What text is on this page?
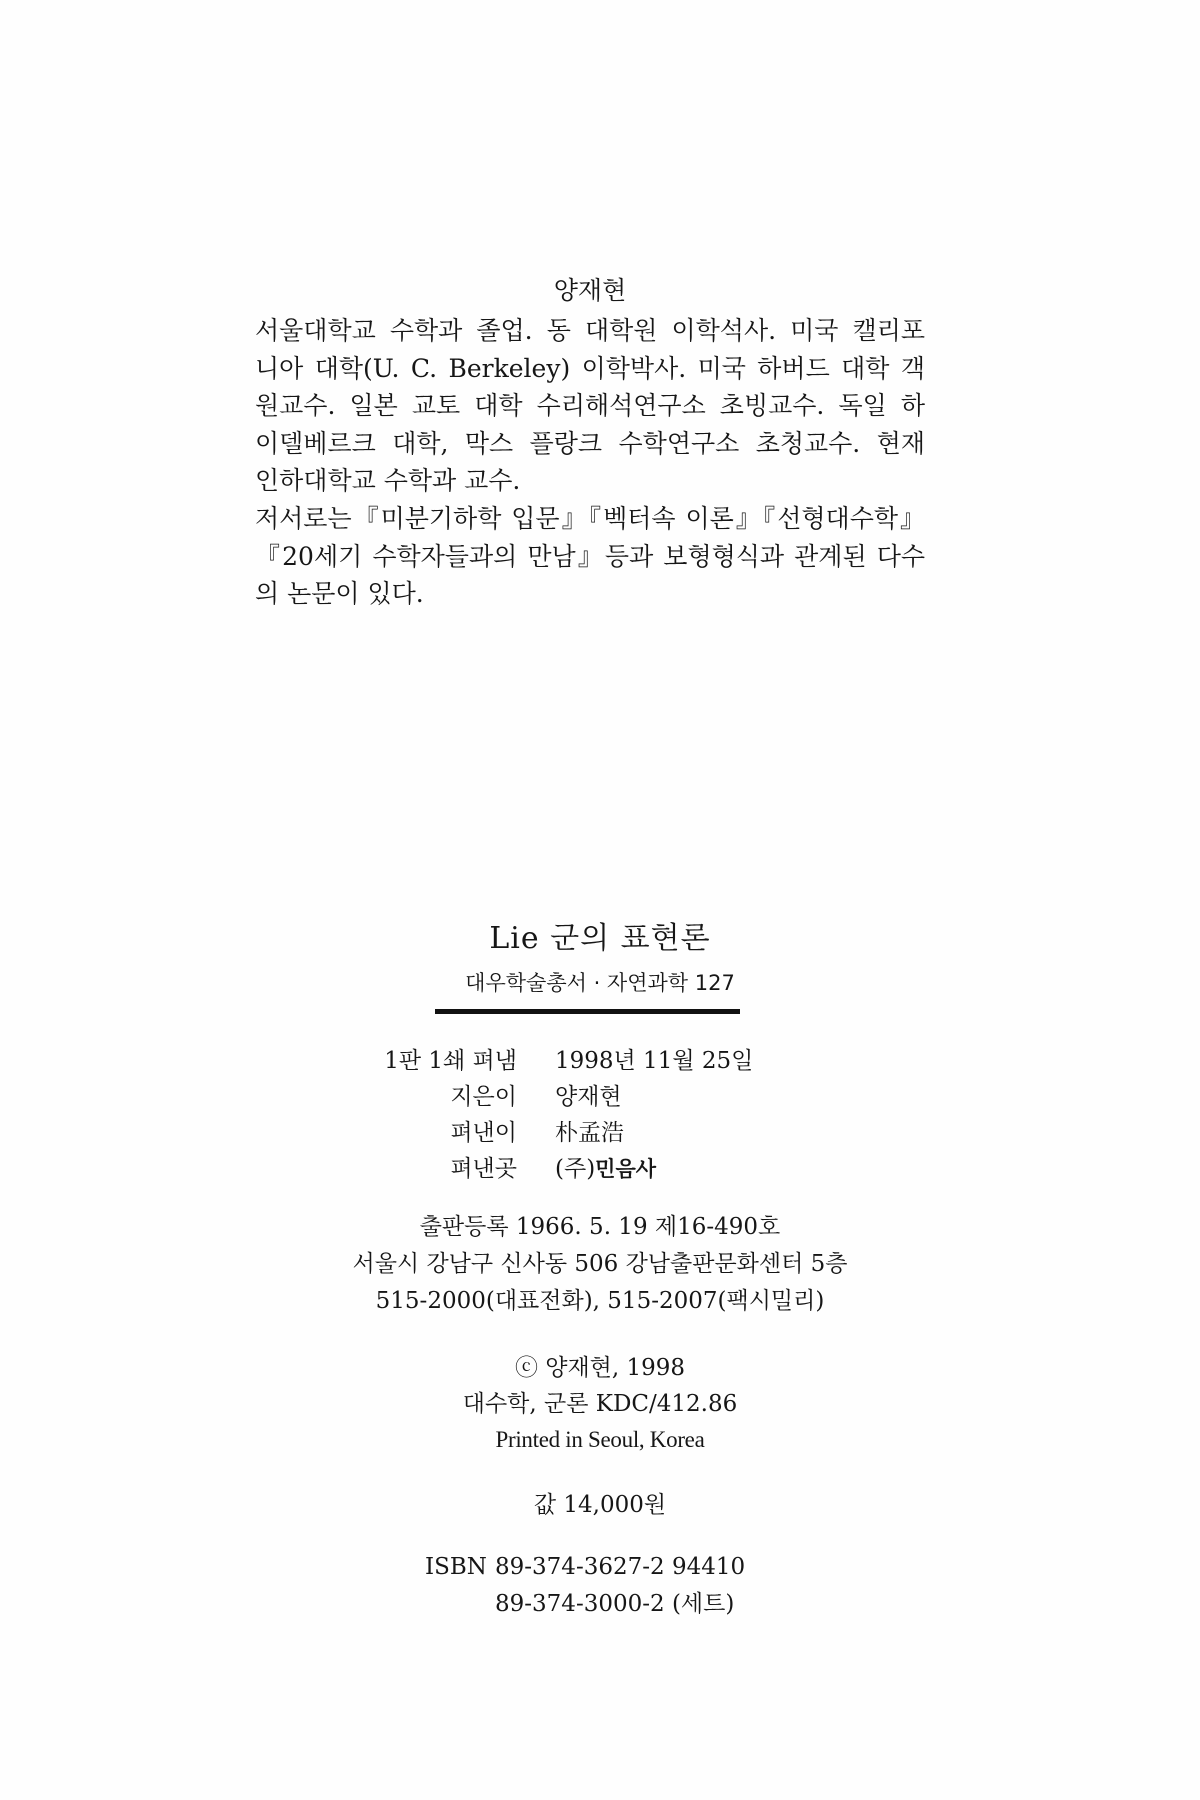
양재현
서울대학교 수학과 졸업. 동 대학원 이학석사. 미국 캘리포
니아 대학(U. C. Berkeley) 이학박사. 미국 하버드 대학 객
원교수. 일본 교토 대학 수리해석연구소 초빙교수. 독일 하
이델베르크 대학, 막스 플랑크 수학연구소 초청교수. 현재
인하대학교 수학과 교수.
저서로는『미분기하학 입문』『벡터속 이론』『선형대수학』
『20세기 수학자들과의 만남』등과 보형형식과 관계된 다수
의 논문이 있다.
Lie 군의 표현론
대우학술총서 · 자연과학 127
1판 1쇄 펴냄	1998년 11월 25일
지은이	양재현
펴낸이	朴孟浩
펴낸곳	(주)민음사
출판등록 1966. 5. 19 제16-490호
서울시 강남구 신사동 506 강남출판문화센터 5층
515-2000(대표전화), 515-2007(팩시밀리)
ⓒ 양재현, 1998
대수학, 군론 KDC/412.86
Printed in Seoul, Korea
값 14,000원
ISBN 89-374-3627-2 94410
89-374-3000-2 (세트)
